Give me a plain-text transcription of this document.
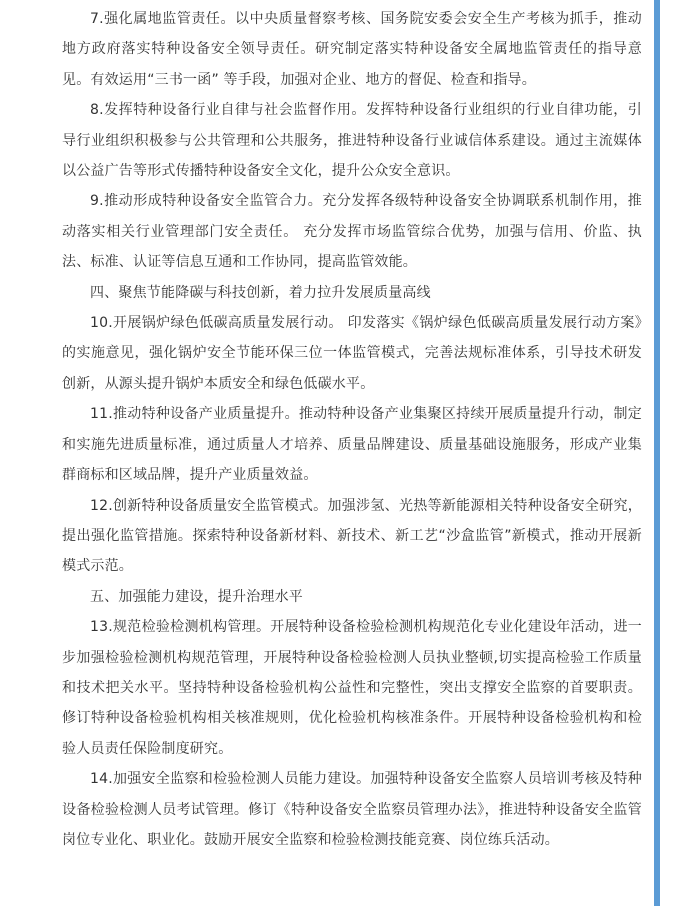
7.强化属地监管责任。以中央质量督察考核、国务院安委会安全生产考核为抓手，推动地方政府落实特种设备安全领导责任。研究制定落实特种设备安全属地监管责任的指导意见。有效运用“三书一函” 等手段，加强对企业、地方的督促、检查和指导。

8.发挥特种设备行业自律与社会监督作用。发挥特种设备行业组织的行业自律功能，引导行业组织积极参与公共管理和公共服务，推进特种设备行业诚信体系建设。通过主流媒体以公益广告等形式传播特种设备安全文化，提升公众安全意识。

9.推动形成特种设备安全监管合力。充分发挥各级特种设备安全协调联系机制作用，推动落实相关行业管理部门安全责任。 充分发挥市场监管综合优势，加强与信用、价监、执法、标准、认证等信息互通和工作协同，提高监管效能。

四、聚焦节能降碳与科技创新，着力拉升发展质量高线

10.开展锅炉绿色低碳高质量发展行动。 印发落实《锅炉绿色低碳高质量发展行动方案》的实施意见，强化锅炉安全节能环保三位一体监管模式，完善法规标准体系，引导技术研发创新，从源头提升锅炉本质安全和绿色低碳水平。

11.推动特种设备产业质量提升。推动特种设备产业集聚区持续开展质量提升行动，制定和实施先进质量标准，通过质量人才培养、质量品牌建设、质量基础设施服务，形成产业集群商标和区域品牌，提升产业质量效益。

12.创新特种设备质量安全监管模式。加强涉氢、光热等新能源相关特种设备安全研究，提出强化监管措施。探索特种设备新材料、新技术、新工艺“沙盒监管”新模式，推动开展新模式示范。

五、加强能力建设，提升治理水平

13.规范检验检测机构管理。开展特种设备检验检测机构规范化专业化建设年活动，进一步加强检验检测机构规范管理，开展特种设备检验检测人员执业整顿,切实提高检验工作质量和技术把关水平。坚持特种设备检验机构公益性和完整性，突出支撑安全监察的首要职责。修订特种设备检验机构相关核准规则，优化检验机构核准条件。开展特种设备检验机构和检验人员责任保险制度研究。

14.加强安全监察和检验检测人员能力建设。加强特种设备安全监察人员培训考核及特种设备检验检测人员考试管理。修订《特种设备安全监察员管理办法》，推进特种设备安全监管岗位专业化、职业化。鼓励开展安全监察和检验检测技能竞赛、岗位练兵活动。
